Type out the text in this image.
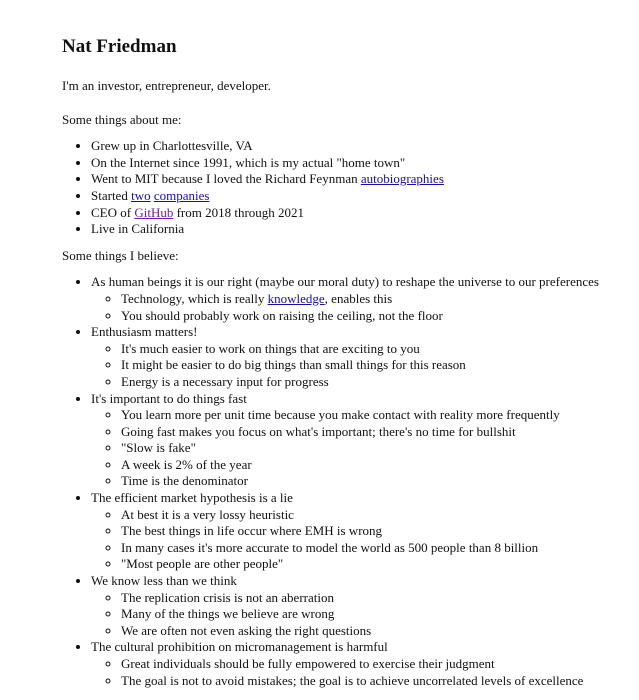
Nat Friedman

I'm an investor, entrepreneur, developer.

Some things about me:

• Grew up in Charlottesville, VA
• On the Internet since 1991, which is my actual "home town"
• Went to MIT because I loved the Richard Feynman autobiographies
• Started two companies
• CEO of GitHub from 2018 through 2021
• Live in California

Some things I believe:

• As human beings it is our right (maybe our moral duty) to reshape the universe to our preferences
◦ Technology, which is really knowledge, enables this
◦ You should probably work on raising the ceiling, not the floor
• Enthusiasm matters!
◦ It's much easier to work on things that are exciting to you
◦ It might be easier to do big things than small things for this reason
◦ Energy is a necessary input for progress
• It's important to do things fast
◦ You learn more per unit time because you make contact with reality more frequently
◦ Going fast makes you focus on what's important; there's no time for bullshit
◦ "Slow is fake"
◦ A week is 2% of the year
◦ Time is the denominator
• The efficient market hypothesis is a lie
◦ At best it is a very lossy heuristic
◦ The best things in life occur where EMH is wrong
◦ In many cases it's more accurate to model the world as 500 people than 8 billion
◦ "Most people are other people"
• We know less than we think
◦ The replication crisis is not an aberration
◦ Many of the things we believe are wrong
◦ We are often not even asking the right questions
• The cultural prohibition on micromanagement is harmful
◦ Great individuals should be fully empowered to exercise their judgment
◦ The goal is not to avoid mistakes; the goal is to achieve uncorrelated levels of excellence
